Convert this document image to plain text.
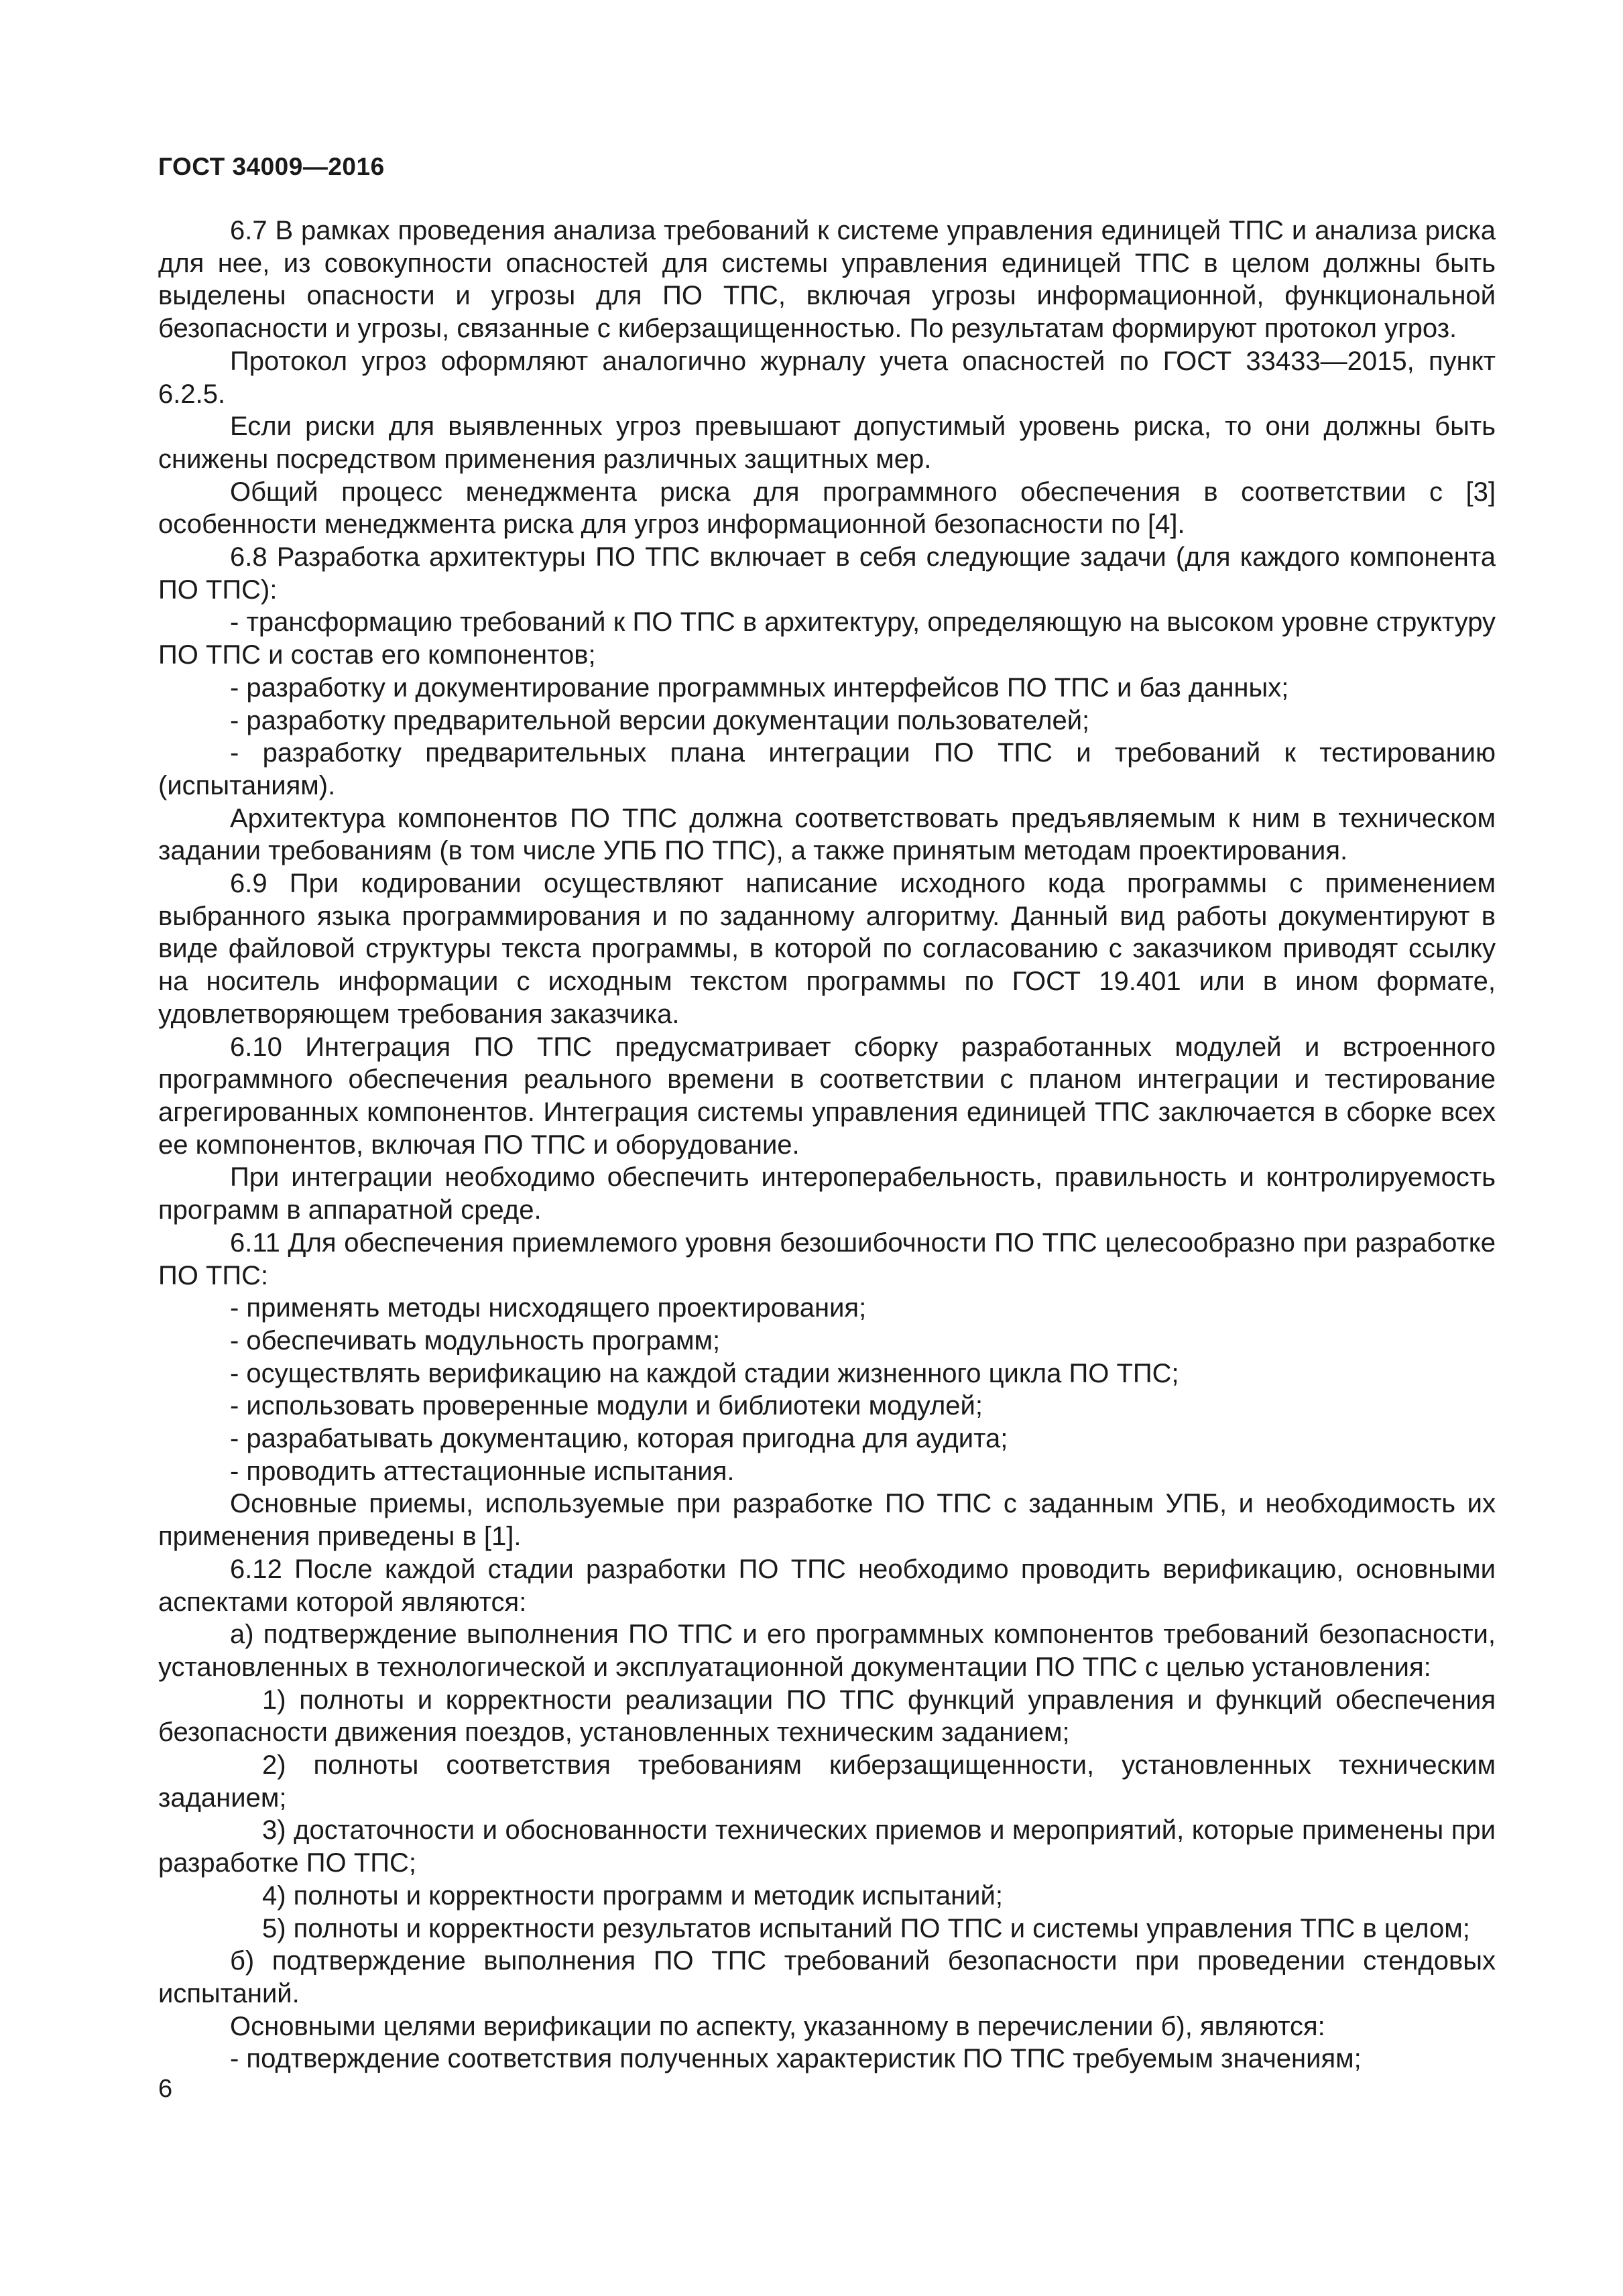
ГОСТ 34009—2016

6.7 В рамках проведения анализа требований к системе управления единицей ТПС и анализа риска для нее, из совокупности опасностей для системы управления единицей ТПС в целом должны быть выделены опасности и угрозы для ПО ТПС, включая угрозы информационной, функциональной безопасности и угрозы, связанные с киберзащищенностью. По результатам формируют протокол угроз.

Протокол угроз оформляют аналогично журналу учета опасностей по ГОСТ 33433—2015, пункт 6.2.5.

Если риски для выявленных угроз превышают допустимый уровень риска, то они должны быть снижены посредством применения различных защитных мер.

Общий процесс менеджмента риска для программного обеспечения в соответствии с [3] особенности менеджмента риска для угроз информационной безопасности по [4].

6.8 Разработка архитектуры ПО ТПС включает в себя следующие задачи (для каждого компонента ПО ТПС):

- трансформацию требований к ПО ТПС в архитектуру, определяющую на высоком уровне структуру ПО ТПС и состав его компонентов;

- разработку и документирование программных интерфейсов ПО ТПС и баз данных;

- разработку предварительной версии документации пользователей;

- разработку предварительных плана интеграции ПО ТПС и требований к тестированию (испытаниям).

Архитектура компонентов ПО ТПС должна соответствовать предъявляемым к ним в техническом задании требованиям (в том числе УПБ ПО ТПС), а также принятым методам проектирования.

6.9 При кодировании осуществляют написание исходного кода программы с применением выбранного языка программирования и по заданному алгоритму. Данный вид работы документируют в виде файловой структуры текста программы, в которой по согласованию с заказчиком приводят ссылку на носитель информации с исходным текстом программы по ГОСТ 19.401 или в ином формате, удовлетворяющем требования заказчика.

6.10 Интеграция ПО ТПС предусматривает сборку разработанных модулей и встроенного программного обеспечения реального времени в соответствии с планом интеграции и тестирование агрегированных компонентов. Интеграция системы управления единицей ТПС заключается в сборке всех ее компонентов, включая ПО ТПС и оборудование.

При интеграции необходимо обеспечить интероперабельность, правильность и контролируемость программ в аппаратной среде.

6.11 Для обеспечения приемлемого уровня безошибочности ПО ТПС целесообразно при разработке ПО ТПС:

- применять методы нисходящего проектирования;

- обеспечивать модульность программ;

- осуществлять верификацию на каждой стадии жизненного цикла ПО ТПС;

- использовать проверенные модули и библиотеки модулей;

- разрабатывать документацию, которая пригодна для аудита;

- проводить аттестационные испытания.

Основные приемы, используемые при разработке ПО ТПС с заданным УПБ, и необходимость их применения приведены в [1].

6.12 После каждой стадии разработки ПО ТПС необходимо проводить верификацию, основными аспектами которой являются:

а) подтверждение выполнения ПО ТПС и его программных компонентов требований безопасности, установленных в технологической и эксплуатационной документации ПО ТПС с целью установления:

1) полноты и корректности реализации ПО ТПС функций управления и функций обеспечения безопасности движения поездов, установленных техническим заданием;

2) полноты соответствия требованиям киберзащищенности, установленных техническим заданием;

3) достаточности и обоснованности технических приемов и мероприятий, которые применены при разработке ПО ТПС;

4) полноты и корректности программ и методик испытаний;

5) полноты и корректности результатов испытаний ПО ТПС и системы управления ТПС в целом;

б) подтверждение выполнения ПО ТПС требований безопасности при проведении стендовых испытаний.

Основными целями верификации по аспекту, указанному в перечислении б), являются:

- подтверждение соответствия полученных характеристик ПО ТПС требуемым значениям;

6
